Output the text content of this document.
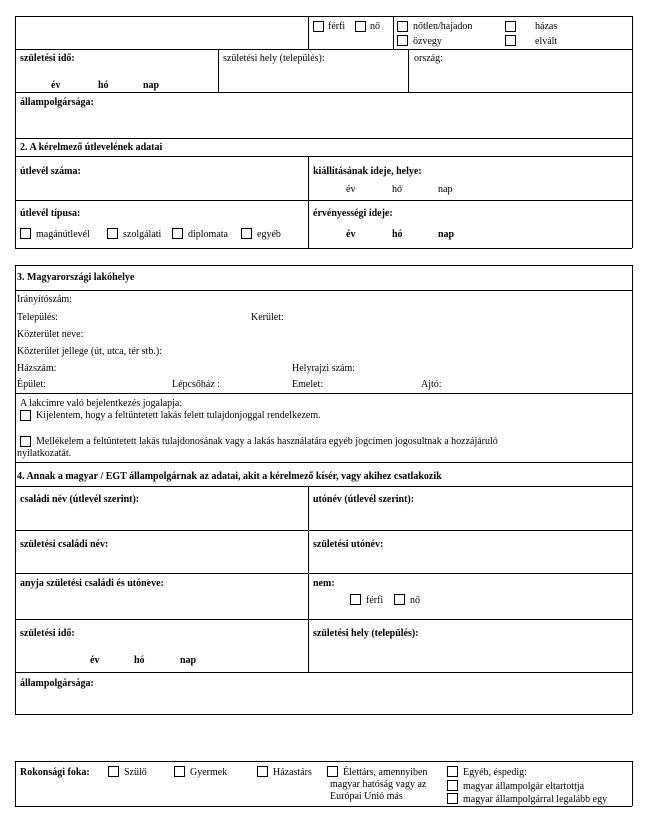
férfi nő	nőtlen/hajadon	házas
özvegy	elvált
születési idő:
év	hó	nap
születési hely (település):	ország:
állampolgársága:
2. A kérelmező útlevelének adatai
útlevél száma:	kiállításának ideje, helye:
év	hó	nap
útlevél típusa:
magánútlevél	szolgálati	diplomata	egyéb
érvényességi ideje:
év	hó	nap
3. Magyarországi lakóhelye
Irányítószám:
Település:	Kerület:
Közterület neve:
Közterület jellege (út, utca, tér stb.):
Házszám:	Helyrajzi szám:
Épület:	Lépcsőház :	Emelet:	Ajtó:
A lakcímre való bejelentkezés jogalapja:
Kijelentem, hogy a feltüntetett lakás felett tulajdonjoggal rendelkezem.
Mellékelem a feltüntetett lakás tulajdonosának vagy a lakás használatára egyéb jogcímen jogosultnak a hozzájáruló
nyilatkozatát.
4. Annak a magyar / EGT állampolgárnak az adatai, akit a kérelmező kísér, vagy akihez csatlakozik
családi név (útlevél szerint):	utónév (útlevél szerint):
születési családi név:	születési utónév:
anyja születési családi és utóneve:	nem:
férfi	nő
születési idő:
év	hó	nap
születési hely (település):
állampolgársága:
Rokonsági foka:	Szülő	Gyermek	Házastárs	Élettárs, amennyiben
magyar hatóság vagy az
Európai Unió más
Egyéb, éspedig:
magyar állampolgár eltartottja
magyar állampolgárral legalább egy
